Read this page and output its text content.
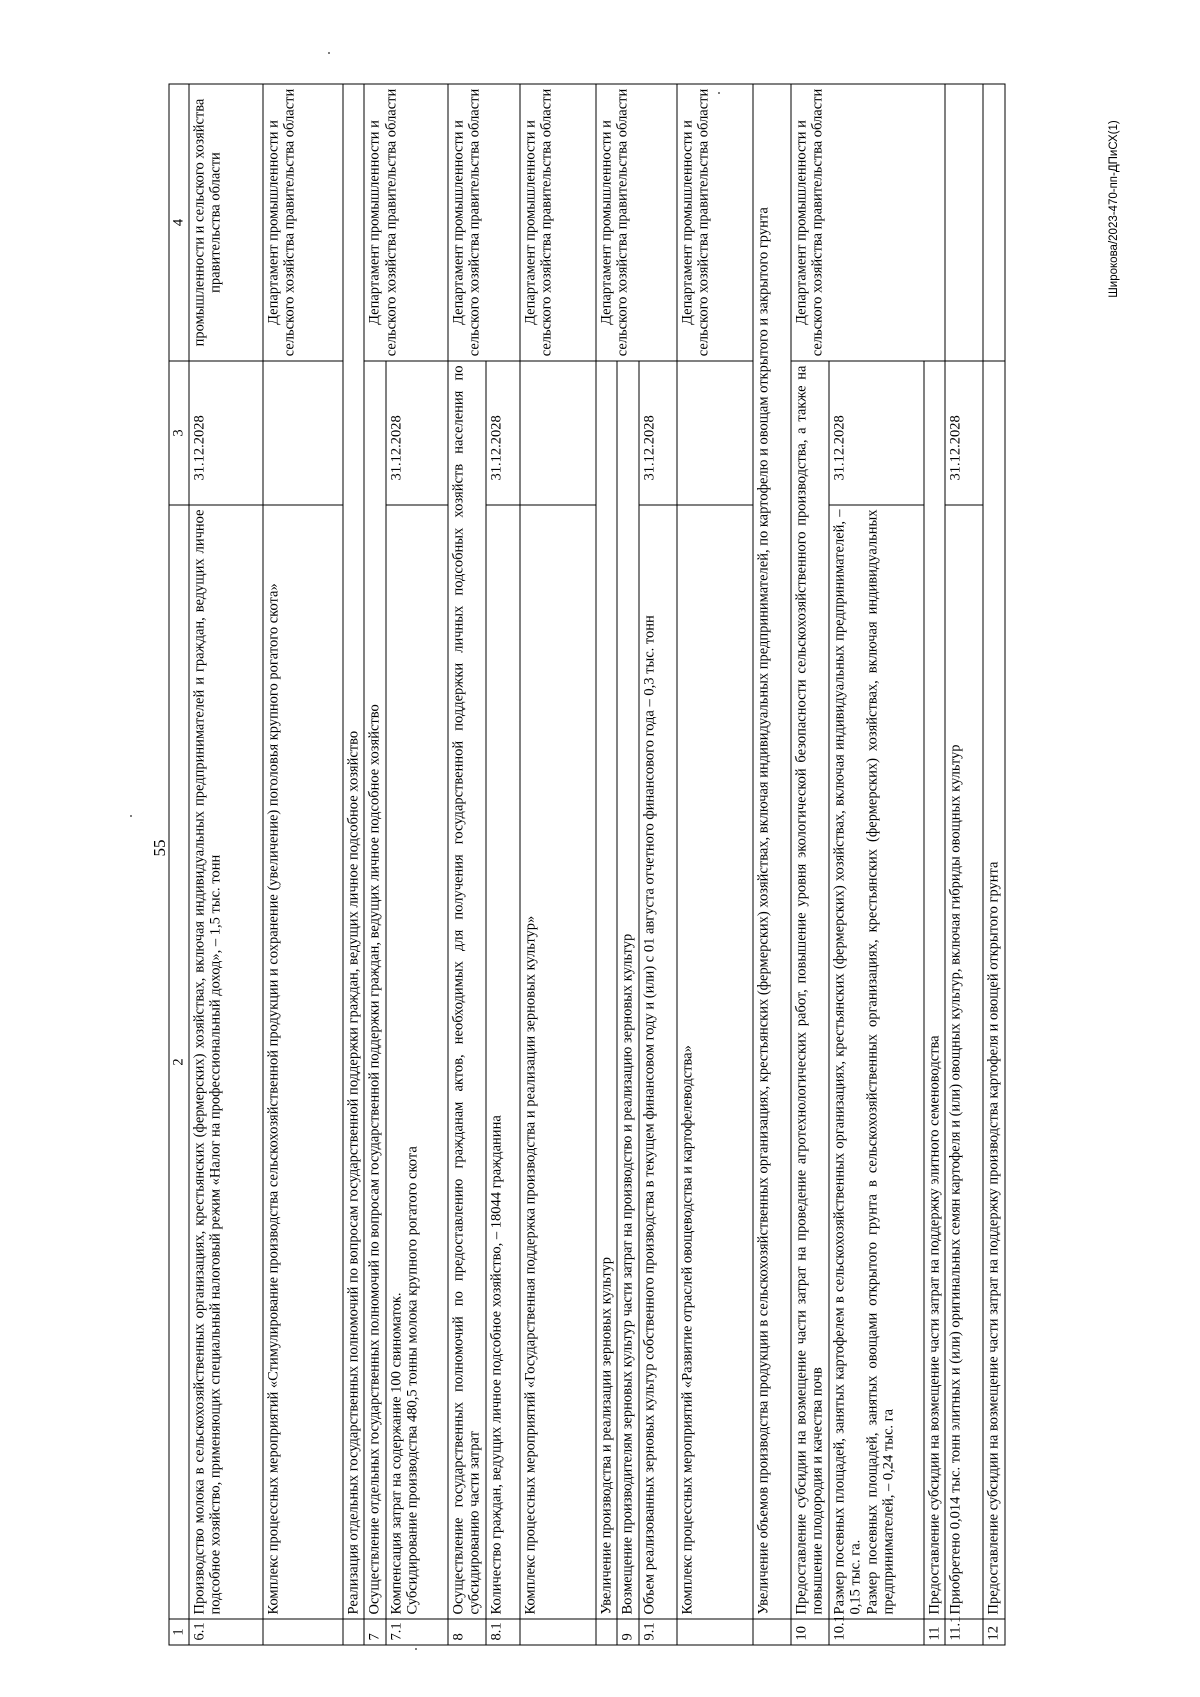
55
Широкова/2023-470-пп-ДПиСХ(1)
1	2	3	4
6.1	Производство молока в сельскохозяйственных организациях, крестьянских (фермерских) хозяйствах, включая индивидуальных предпринимателей и граждан, ведущих личное подсобное хозяйство, применяющих специальный налоговый режим «Налог на профессиональный доход», – 1,5 тыс. тонн	31.12.2028	промышленности и сельского хозяйства правительства области
	Комплекс процессных мероприятий «Стимулирование производства сельскохозяйственной продукции и сохранение (увеличение) поголовья крупного рогатого скота»		Департамент промышленности и сельского хозяйства правительства области
	Реализация отдельных государственных полномочий по вопросам государственной поддержки граждан, ведущих личное подсобное хозяйство		
7	Осуществление отдельных государственных полномочий по вопросам государственной поддержки граждан, ведущих личное подсобное хозяйство		Департамент промышленности и сельского хозяйства правительства области
7.1	Компенсация затрат на содержание 100 свиноматок. Субсидирование производства 480,5 тонны молока крупного рогатого скота	31.12.2028	
8	Осуществление государственных полномочий по предоставлению гражданам актов, необходимых для получения государственной поддержки личных подсобных хозяйств населения по субсидированию части затрат		Департамент промышленности и сельского хозяйства правительства области
8.1	Количество граждан, ведущих личное подсобное хозяйство, – 18044 гражданина	31.12.2028	
	Комплекс процессных мероприятий «Государственная поддержка производства и реализации зерновых культур»		Департамент промышленности и сельского хозяйства правительства области
	Увеличение производства и реализации зерновых культур		Департамент промышленности и сельского хозяйства правительства области
9	Возмещение производителям зерновых культур части затрат на производство и реализацию зерновых культур		
9.1	Объем реализованных зерновых культур собственного производства в текущем финансовом году и (или) с 01 августа отчетного финансового года – 0,3 тыс. тонн	31.12.2028	
	Комплекс процессных мероприятий «Развитие отраслей овощеводства и картофелеводства»		Департамент промышленности и сельского хозяйства правительства области
	Увеличение объемов производства продукции в сельскохозяйственных организациях, крестьянских (фермерских) хозяйствах, включая индивидуальных предпринимателей, по картофелю и овощам открытого и закрытого грунта		
10	Предоставление субсидии на возмещение части затрат на проведение агротехнологических работ, повышение уровня экологической безопасности сельскохозяйственного производства, а также на повышение плодородия и качества почв		Департамент промышленности и сельского хозяйства правительства области
10.1	Размер посевных площадей, занятых картофелем в сельскохозяйственных организациях, крестьянских (фермерских) хозяйствах, включая индивидуальных предпринимателей, – 0,15 тыс. га. Размер посевных площадей, занятых овощами открытого грунта в сельскохозяйственных организациях, крестьянских (фермерских) хозяйствах, включая индивидуальных предпринимателей, – 0,24 тыс. га	31.12.2028	
11	Предоставление субсидии на возмещение части затрат на поддержку элитного семеноводства		
11.1	Приобретено 0,014 тыс. тонн элитных и (или) оригинальных семян картофеля и (или) овощных культур, включая гибриды овощных культур	31.12.2028	
12	Предоставление субсидии на возмещение части затрат на поддержку производства картофеля и овощей открытого грунта		
